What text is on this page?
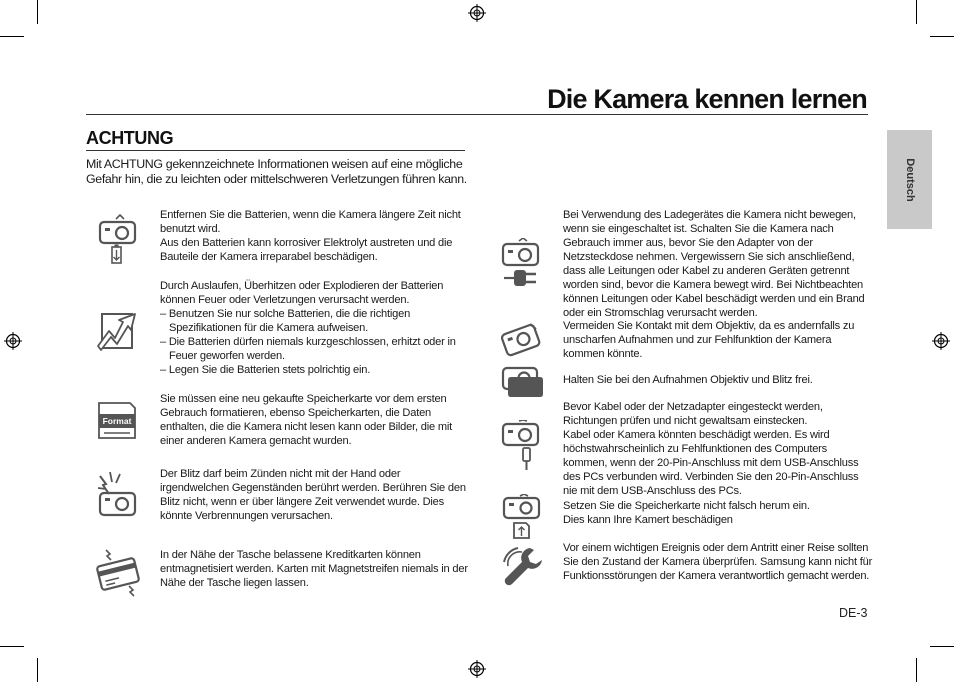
Die Kamera kennen lernen
ACHTUNG
Mit ACHTUNG gekennzeichnete Informationen weisen auf eine mögliche Gefahr hin, die zu leichten oder mittelschweren Verletzungen führen kann.	Deutsch

Entfernen Sie die Batterien, wenn die Kamera längere Zeit nicht benutzt wird.

Aus den Batterien kann korrosiver Elektrolyt austreten und die Bauteile der Kamera irreparabel beschädigen.

Durch Auslaufen, Überhitzen oder Explodieren der Batterien können Feuer oder Verletzungen verursacht werden.

– Benutzen Sie nur solche Batterien, die die richtigen Spezifikationen für die Kamera aufweisen.

– Die Batterien dürfen niemals kurzgeschlossen, erhitzt oder in Feuer geworfen werden.

– Legen Sie die Batterien stets polrichtig ein.

Format

Sie müssen eine neu gekaufte Speicherkarte vor dem ersten Gebrauch formatieren, ebenso Speicherkarten, die Daten enthalten, die die Kamera nicht lesen kann oder Bilder, die mit einer anderen Kamera gemacht wurden.

Der Blitz darf beim Zünden nicht mit der Hand oder irgendwelchen Gegenständen berührt werden. Berühren Sie den Blitz nicht, wenn er über längere Zeit verwendet wurde. Dies könnte Verbrennungen verursachen.

In der Nähe der Tasche belassene Kreditkarten können entmagnetisiert werden. Karten mit Magnetstreifen niemals in der Nähe der Tasche liegen lassen.

Bei Verwendung des Ladegerätes die Kamera nicht bewegen, wenn sie eingeschaltet ist. Schalten Sie die Kamera nach Gebrauch immer aus, bevor Sie den Adapter von der Netzsteckdose nehmen. Vergewissern Sie sich anschließend, dass alle Leitungen oder Kabel zu anderen Geräten getrennt worden sind, bevor die Kamera bewegt wird. Bei Nichtbeachten können Leitungen oder Kabel beschädigt werden und ein Brand oder ein Stromschlag verursacht werden.

Vermeiden Sie Kontakt mit dem Objektiv, da es andernfalls zu unscharfen Aufnahmen und zur Fehlfunktion der Kamera kommen könnte.

Halten Sie bei den Aufnahmen Objektiv und Blitz frei.

Bevor Kabel oder der Netzadapter eingesteckt werden, Richtungen prüfen und nicht gewaltsam einstecken.

Kabel oder Kamera könnten beschädigt werden. Es wird höchstwahrscheinlich zu Fehlfunktionen des Computers kommen, wenn der 20-Pin-Anschluss mit dem USB-Anschluss des PCs verbunden wird. Verbinden Sie den 20-Pin-Anschluss nie mit dem USB-Anschluss des PCs.

Setzen Sie die Speicherkarte nicht falsch herum ein.

Dies kann Ihre Kamert beschädigen

Vor einem wichtigen Ereignis oder dem Antritt einer Reise sollten Sie den Zustand der Kamera überprüfen. Samsung kann nicht für Funktionsstörungen der Kamera verantwortlich gemacht werden.

DE-3
